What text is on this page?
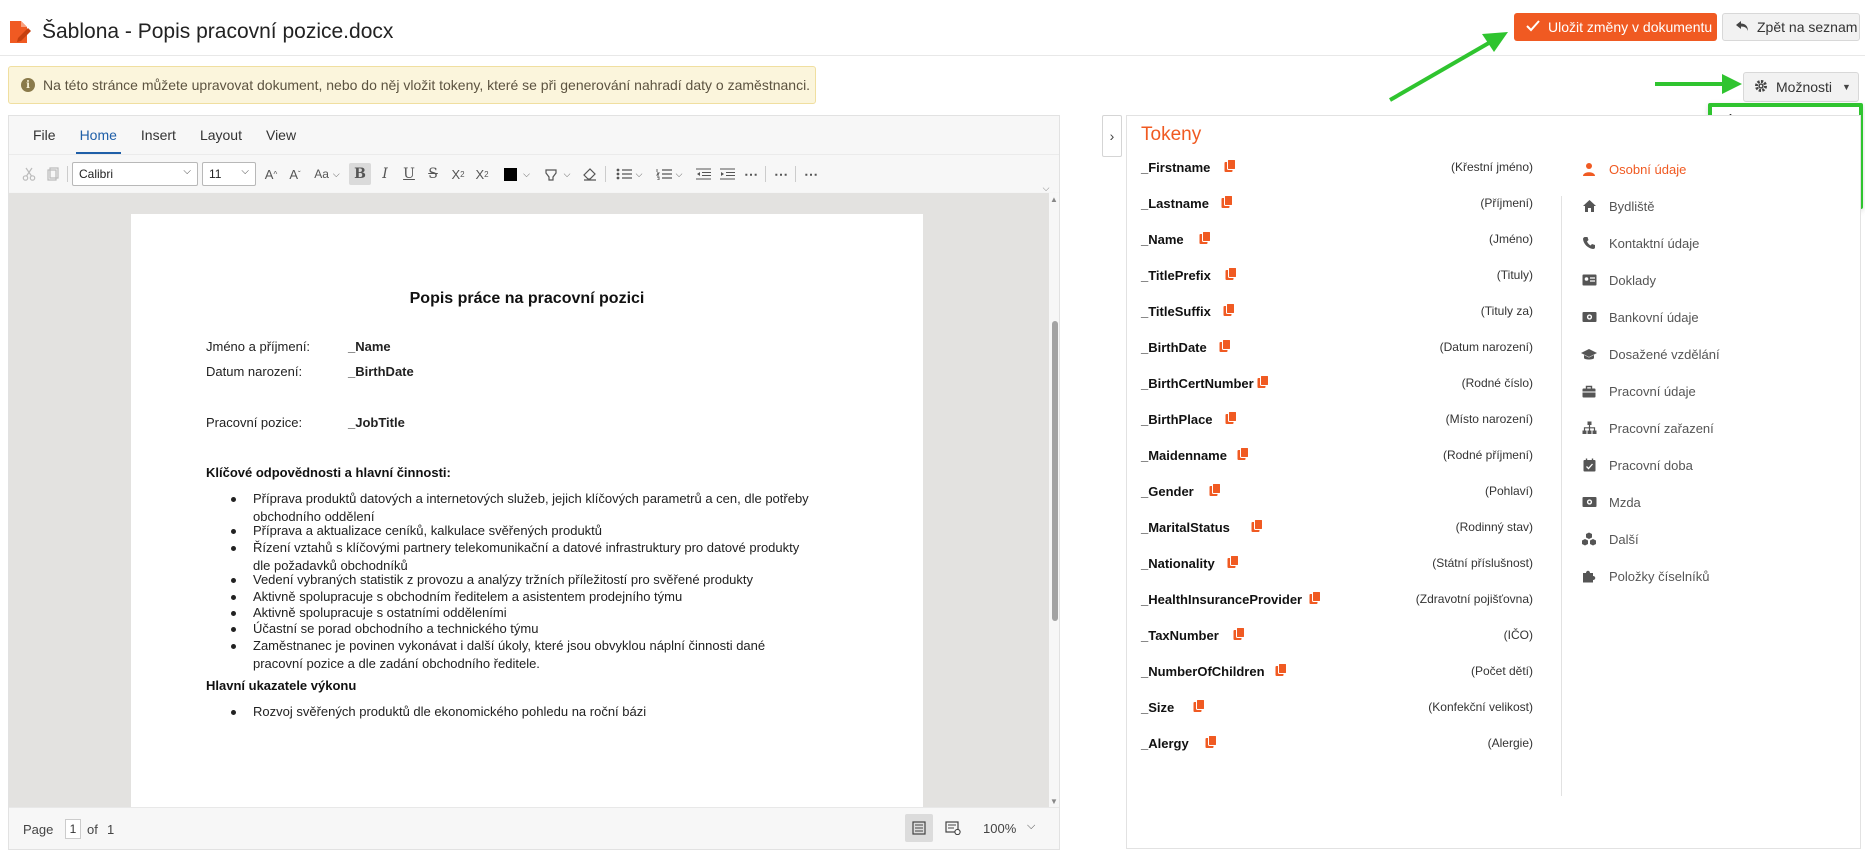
Šablona - Popis pracovní pozice.docx	Uložit změny v dokumentu	Zpět na seznam
i Na této stránce můžete upravovat dokument, nebo do něj vložit tokeny, které se při generování nahradí daty o zaměstnanci.	Možnosti ▼
File	Home	Insert	Layout	View
Calibri	⌵ 11 ⌵ A ^ A ˇ Aa ⌵	B	I	U S	X 2 X 2	⌵	⌵	⌵	⌵	⋯ ⋯ ⋯
⌵
Popis práce na pracovní pozici
Jméno a příjmení:	_Name
Datum narození:	_BirthDate
Pracovní pozice:	_JobTitle
Klíčové odpovědnosti a hlavní činnosti:
Příprava produktů datových a internetových služeb, jejich klíčových parametrů a cen, dle potřeby obchodního oddělení
Příprava a aktualizace ceníků, kalkulace svěřených produktů
Řízení vztahů s klíčovými partnery telekomunikační a datové infrastruktury pro datové produkty dle požadavků obchodníků
Vedení vybraných statistik z provozu a analýzy tržních příležitostí pro svěřené produkty
Aktivně spolupracuje s obchodním ředitelem a asistentem prodejního týmu
Aktivně spolupracuje s ostatními odděleními
Účastní se porad obchodního a technického týmu
Zaměstnanec je povinen vykonávat i další úkoly, které jsou obvyklou náplní činnosti dané pracovní pozice a dle zadání obchodního ředitele.
Hlavní ukazatele výkonu
Rozvoj svěřených produktů dle ekonomického pohledu na roční bázi
▲
▼
Page	1 of 1	100% ⌵
›	Tokeny
_Firstname	(Křestní jméno)
_Lastname	(Příjmení)
_Name	(Jméno)
_TitlePrefix	(Tituly)
_TitleSuffix	(Tituly za)
_BirthDate	(Datum narození)
_BirthCertNumber	(Rodné číslo)
_BirthPlace	(Místo narození)
_Maidenname	(Rodné příjmení)
_Gender	(Pohlaví)
_MaritalStatus	(Rodinný stav)
_Nationality	(Státní příslušnost)
_HealthInsuranceProvider	(Zdravotní pojišťovna)
_TaxNumber	(IČO)
_NumberOfChildren	(Počet dětí)
_Size	(Konfekční velikost)
_Alergy	(Alergie)
Osobní údaje
Bydliště
Kontaktní údaje
Doklady
Bankovní údaje
Dosažené vzdělání
Pracovní údaje
Pracovní zařazení
Pracovní doba
Mzda
Další
Položky číselníků
